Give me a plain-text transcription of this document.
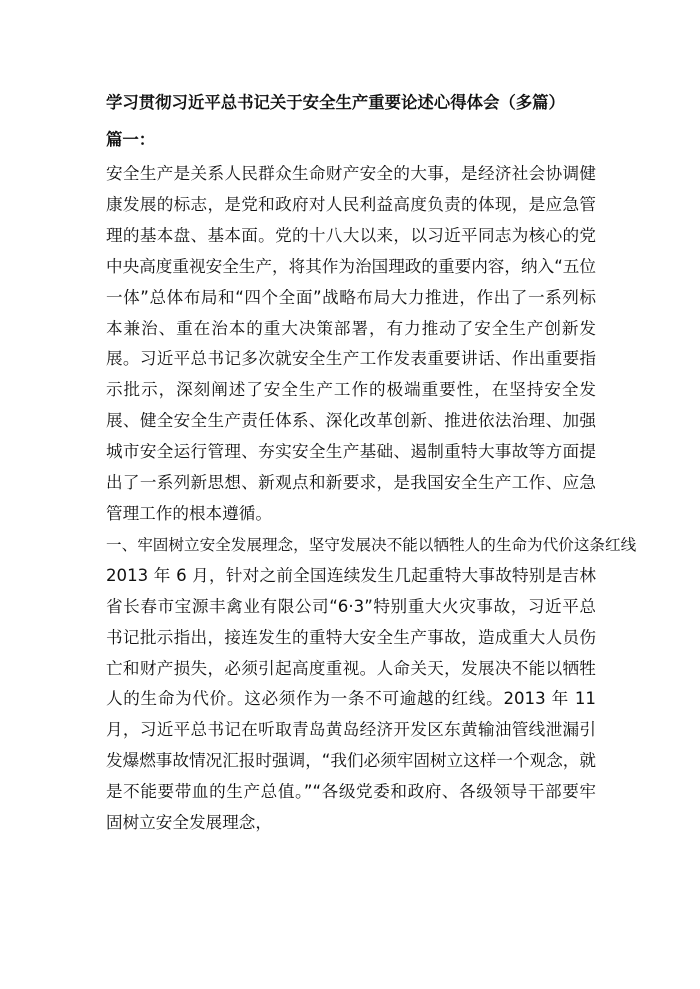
学习贯彻习近平总书记关于安全生产重要论述心得体会（多篇）
篇一：

安全生产是关系人民群众生命财产安全的大事，是经济社会协调健康发展的标志，是党和政府对人民利益高度负责的体现，是应急管理的基本盘、基本面。党的十八大以来，以习近平同志为核心的党中央高度重视安全生产，将其作为治国理政的重要内容，纳入“五位一体”总体布局和“四个全面”战略布局大力推进，作出了一系列标本兼治、重在治本的重大决策部署，有力推动了安全生产创新发展。习近平总书记多次就安全生产工作发表重要讲话、作出重要指示批示，深刻阐述了安全生产工作的极端重要性，在坚持安全发展、健全安全生产责任体系、深化改革创新、推进依法治理、加强城市安全运行管理、夯实安全生产基础、遏制重特大事故等方面提出了一系列新思想、新观点和新要求，是我国安全生产工作、应急管理工作的根本遵循。

一、牢固树立安全发展理念，坚守发展决不能以牺牲人的生命为代价这条红线

2013 年 6 月，针对之前全国连续发生几起重特大事故特别是吉林省长春市宝源丰禽业有限公司“6·3”特别重大火灾事故，习近平总书记批示指出，接连发生的重特大安全生产事故，造成重大人员伤亡和财产损失，必须引起高度重视。人命关天，发展决不能以牺牲人的生命为代价。这必须作为一条不可逾越的红线。2013 年 11 月，习近平总书记在听取青岛黄岛经济开发区东黄输油管线泄漏引发爆燃事故情况汇报时强调，“我们必须牢固树立这样一个观念，就是不能要带血的生产总值。”“各级党委和政府、各级领导干部要牢固树立安全发展理念，
